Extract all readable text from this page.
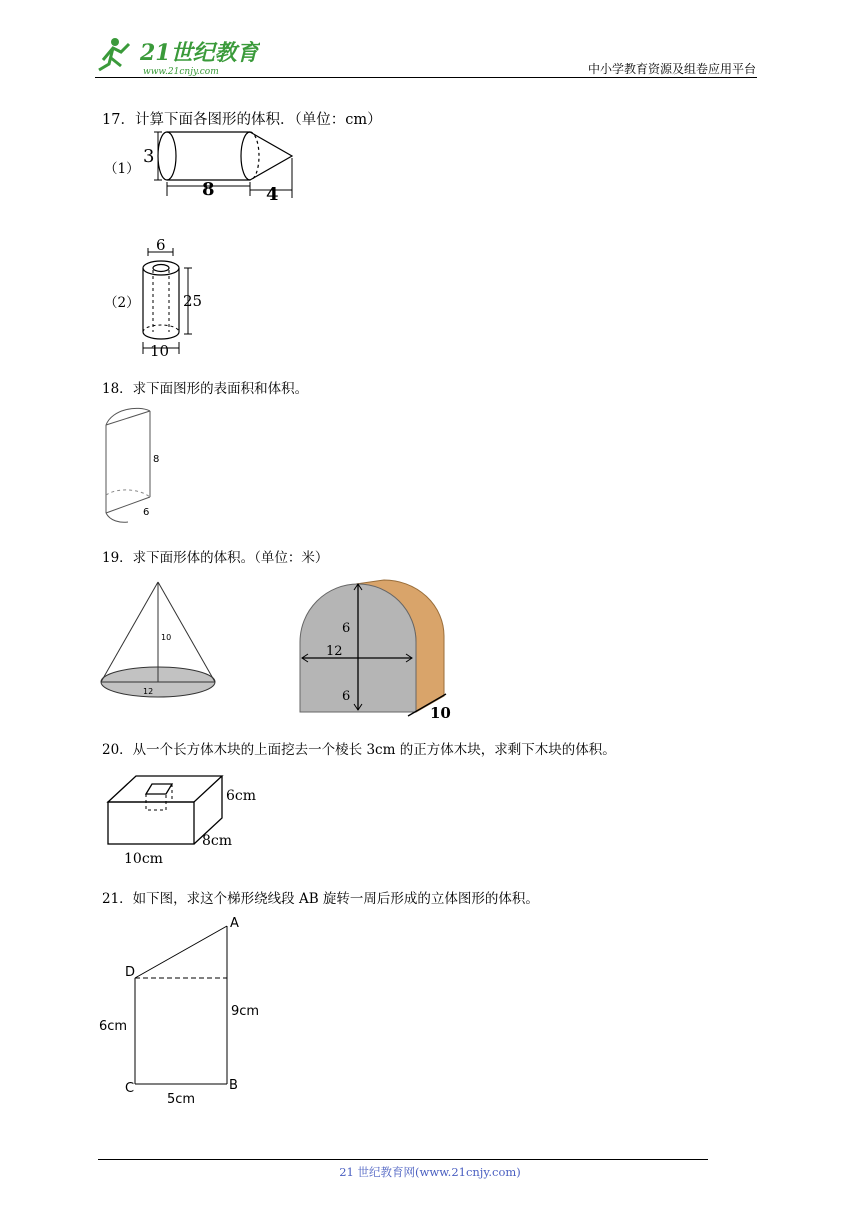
21世纪教育
www.21cnjy.com	中小学教育资源及组卷应用平台
17．计算下面各图形的体积．（单位：cm）
（1）
3
8	4
（2）
6
25
10
18．求下面图形的表面积和体积。
8
6
19．求下面形体的体积。（单位：米）
10
12
6
12
6
10
20．从一个长方体木块的上面挖去一个棱长 3cm 的正方体木块，求剩下木块的体积。
6cm
8cm
10cm
21．如下图，求这个梯形绕线段 AB 旋转一周后形成的立体图形的体积。
A
D
C	B
6cm
9cm
5cm
21 世纪教育网(www.21cnjy.com)
